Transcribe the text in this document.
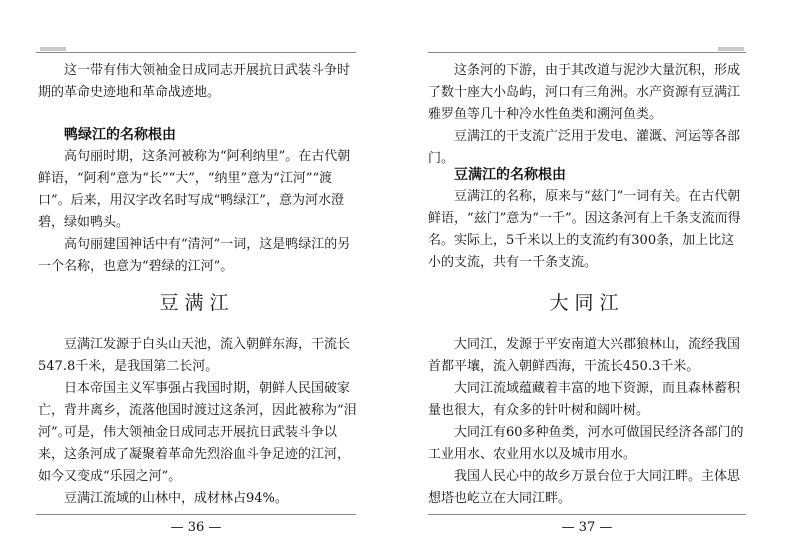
这一带有伟大领袖金日成同志开展抗日武装斗争时期的革命史迹地和革命战迹地。

鸭绿江的名称根由

高句丽时期，这条河被称为“阿利纳里”。在古代朝鲜语，“阿利”意为“长”“大”，“纳里”意为“江河”“渡口”。后来，用汉字改名时写成“鸭绿江”，意为河水澄碧，绿如鸭头。

高句丽建国神话中有“清河”一词，这是鸭绿江的另一个名称，也意为“碧绿的江河”。

豆满江

豆满江发源于白头山天池，流入朝鲜东海，干流长547.8千米，是我国第二长河。

日本帝国主义军事强占我国时期，朝鲜人民国破家亡，背井离乡，流落他国时渡过这条河，因此被称为“泪河”。

可是，伟大领袖金日成同志开展抗日武装斗争以来，这条河成了凝聚着革命先烈浴血斗争足迹的江河，如今又变成“乐园之河”。

豆满江流域的山林中，成材林占94%。

— 36 —

这条河的下游，由于其改道与泥沙大量沉积，形成了数十座大小岛屿，河口有三角洲。水产资源有豆满江雅罗鱼等几十种冷水性鱼类和溯河鱼类。

豆满江的干支流广泛用于发电、灌溉、河运等各部门。

豆满江的名称根由

豆满江的名称，原来与“兹门”一词有关。在古代朝鲜语，“兹门”意为“一千”。因这条河有上千条支流而得名。实际上，5千米以上的支流约有300条，加上比这小的支流，共有一千条支流。

大同江

大同江，发源于平安南道大兴郡狼林山，流经我国首都平壤，流入朝鲜西海，干流长450.3千米。

大同江流域蕴藏着丰富的地下资源，而且森林蓄积量也很大，有众多的针叶树和阔叶树。

大同江有60多种鱼类，河水可做国民经济各部门的工业用水、农业用水以及城市用水。

我国人民心中的故乡万景台位于大同江畔。主体思想塔也屹立在大同江畔。

— 37 —
